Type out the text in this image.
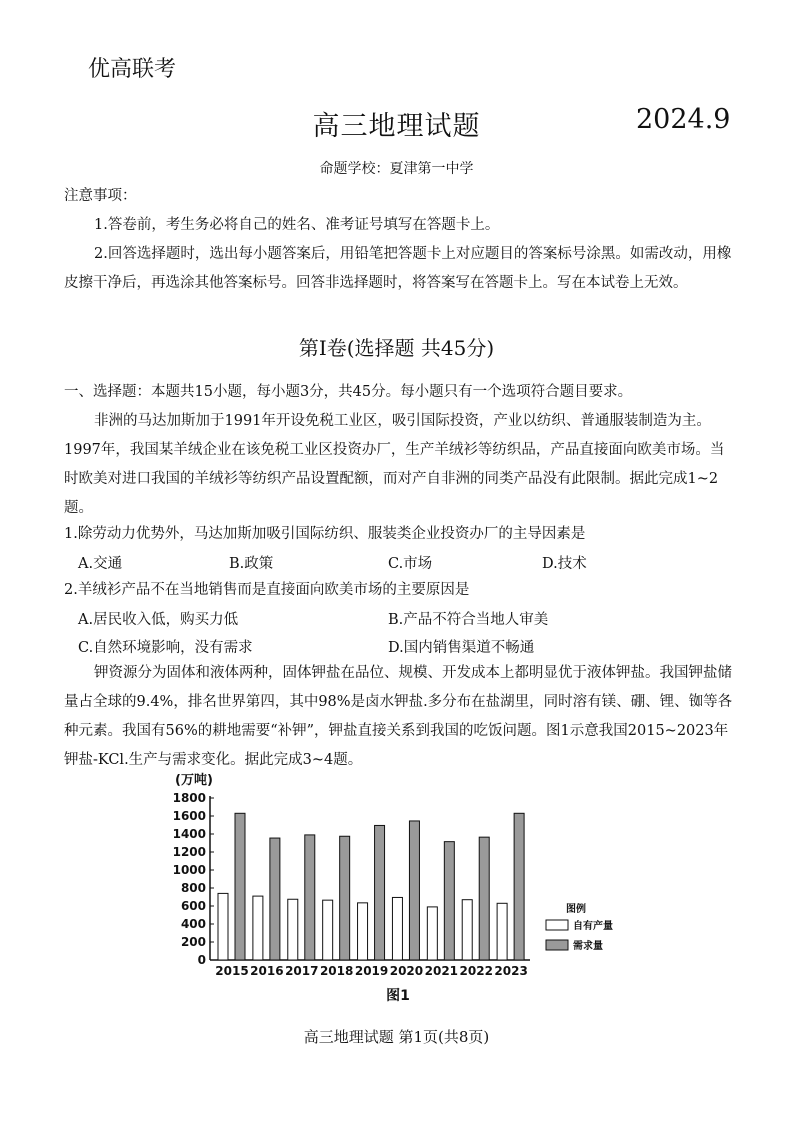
优高联考
高三地理试题	2024.9
命题学校：夏津第一中学
注意事项：
1.答卷前，考生务必将自己的姓名、准考证号填写在答题卡上。
2.回答选择题时，选出每小题答案后，用铅笔把答题卡上对应题目的答案标号涂黑。如需改动，用橡皮擦干净后，再选涂其他答案标号。回答非选择题时，将答案写在答题卡上。写在本试卷上无效。
第Ⅰ卷(选择题 共45分)
一、选择题：本题共15小题，每小题3分，共45分。每小题只有一个选项符合题目要求。
非洲的马达加斯加于1991年开设免税工业区，吸引国际投资，产业以纺织、普通服装制造为主。1997年，我国某羊绒企业在该免税工业区投资办厂，生产羊绒衫等纺织品，产品直接面向欧美市场。当时欧美对进口我国的羊绒衫等纺织产品设置配额，而对产自非洲的同类产品没有此限制。据此完成1~2题。
1.除劳动力优势外，马达加斯加吸引国际纺织、服装类企业投资办厂的主导因素是
A.交通	B.政策	C.市场	D.技术
2.羊绒衫产品不在当地销售而是直接面向欧美市场的主要原因是
A.居民收入低，购买力低	B.产品不符合当地人审美
C.自然环境影响，没有需求	D.国内销售渠道不畅通
钾资源分为固体和液体两种，固体钾盐在品位、规模、开发成本上都明显优于液体钾盐。我国钾盐储量占全球的9.4%，排名世界第四，其中98%是卤水钾盐.多分布在盐湖里，同时溶有镁、硼、锂、铷等各种元素。我国有56%的耕地需要“补钾”，钾盐直接关系到我国的吃饭问题。图1示意我国2015~2023年钾盐-KCl.生产与需求变化。据此完成3~4题。
(万吨)
0
200
400
600
800
1000
1200
1400
1600
1800
2015 2016 2017 2018 2019 2020 2021 2022 2023
图1
图例
自有产量
需求量
高三地理试题 第1页(共8页)
